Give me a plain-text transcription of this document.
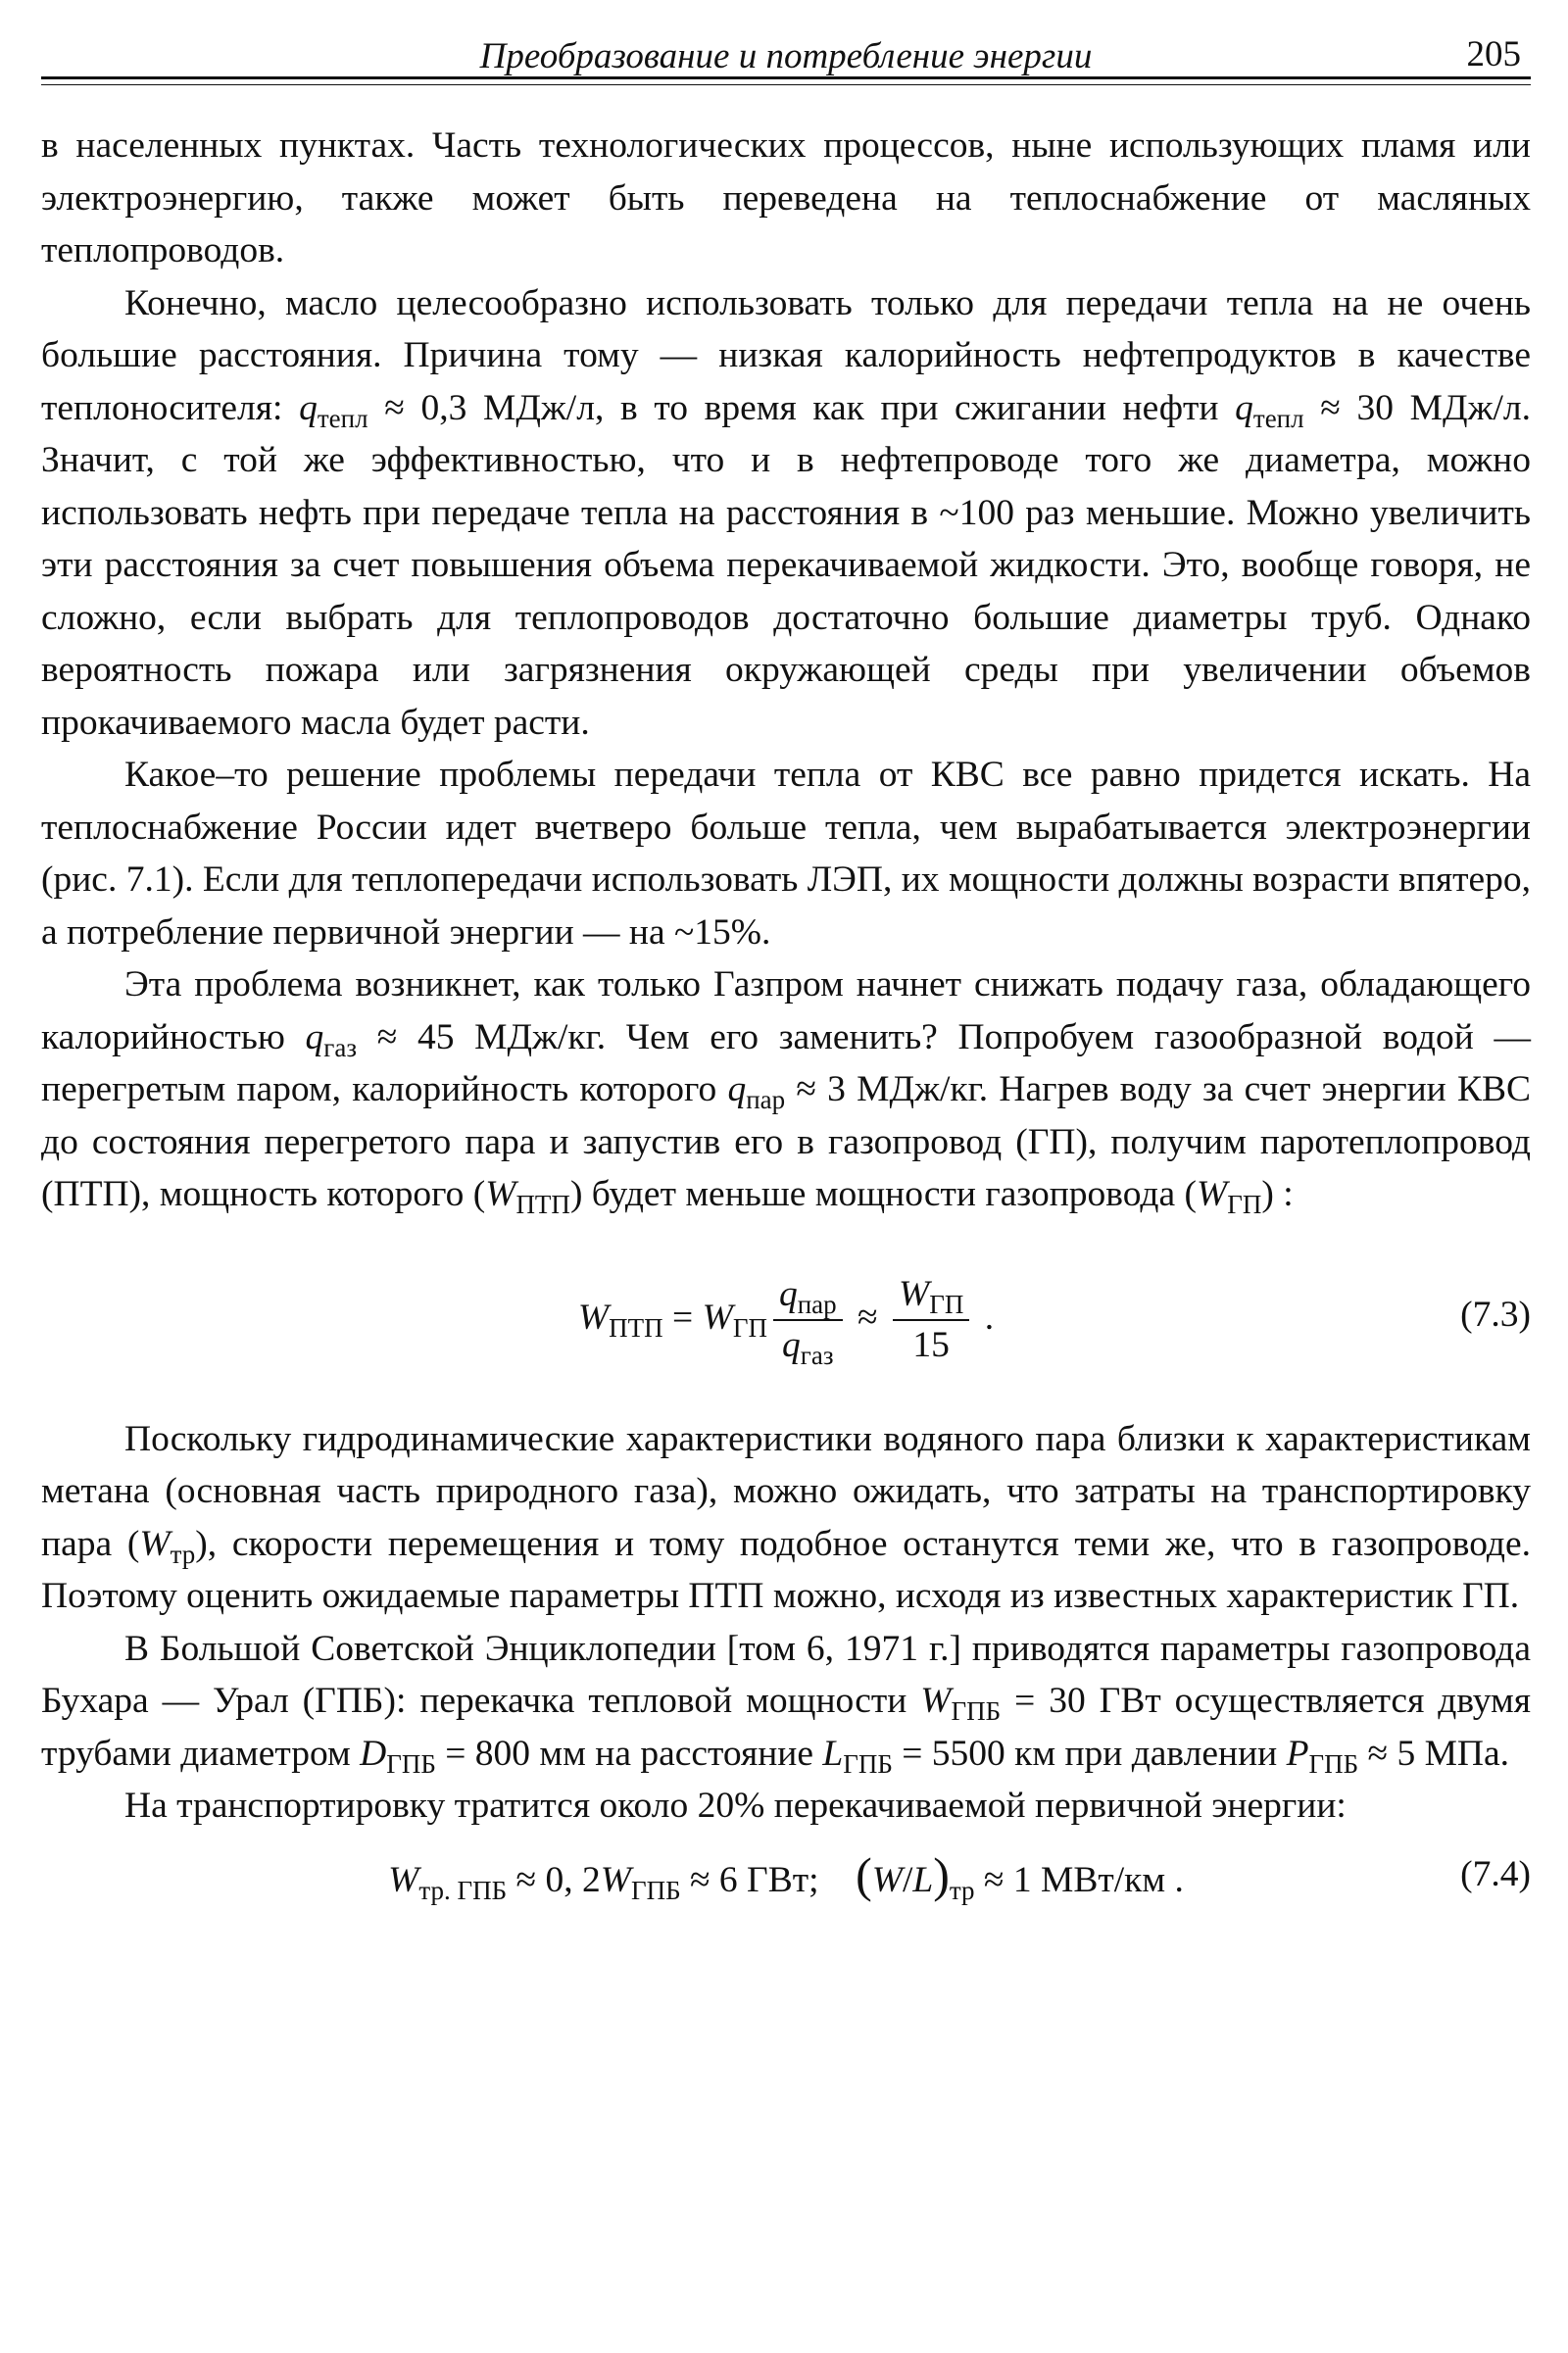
Преобразование и потребление энергии	205

в населенных пунктах. Часть технологических процессов, ныне использующих пламя или электроэнергию, также может быть переведена на теплоснабжение от масляных теплопроводов.

Конечно, масло целесообразно использовать только для передачи тепла на не очень большие расстояния. Причина тому — низкая калорийность нефтепродуктов в качестве теплоносителя: $q_{тепл} \approx 0,3$ МДж/л, в то время как при сжигании нефти $q_{тепл} \approx 30$ МДж/л. Значит, с той же эффективностью, что и в нефтепроводе того же диаметра, можно использовать нефть при передаче тепла на расстояния в ~100 раз меньшие. Можно увеличить эти расстояния за счет повышения объема перекачиваемой жидкости. Это, вообще говоря, не сложно, если выбрать для теплопроводов достаточно большие диаметры труб. Однако вероятность пожара или загрязнения окружающей среды при увеличении объемов прокачиваемого масла будет расти.

Какое–то решение проблемы передачи тепла от КВС все равно придется искать. На теплоснабжение России идет вчетверо больше тепла, чем вырабатывается электроэнергии (рис. 7.1). Если для теплопередачи использовать ЛЭП, их мощности должны возрасти впятеро, а потребление первичной энергии — на ~15%.

Эта проблема возникнет, как только Газпром начнет снижать подачу газа, обладающего калорийностью $q_{газ} \approx 45$ МДж/кг. Чем его заменить? Попробуем газообразной водой — перегретым паром, калорийность которого $q_{пар} \approx 3$ МДж/кг. Нагрев воду за счет энергии КВС до состояния перегретого пара и запустив его в газопровод (ГП), получим паротеплопровод (ПТП), мощность которого $(W_{ПТП})$ будет меньше мощности газопровода $(W_{ГП})$ :

$W_{ПТП} = W_{ГП} \frac{q_{пар}}{q_{газ}} \approx \frac{W_{ГП}}{15}$ .	(7.3)

Поскольку гидродинамические характеристики водяного пара близки к характеристикам метана (основная часть природного газа), можно ожидать, что затраты на транспортировку пара $(W_{тр})$, скорости перемещения и тому подобное останутся теми же, что в газопроводе. Поэтому оценить ожидаемые параметры ПТП можно, исходя из известных характеристик ГП.

В Большой Советской Энциклопедии [том 6, 1971 г.] приводятся параметры газопровода Бухара — Урал (ГПБ): перекачка тепловой мощности $W_{ГПБ} = 30$ ГВт осуществляется двумя трубами диаметром $D_{ГПБ} = 800$ мм на расстояние $L_{ГПБ} = 5500$ км при давлении $P_{ГПБ} \approx 5$ МПа.

На транспортировку тратится около 20% перекачиваемой первичной энергии:

$W_{тр. ГПБ} \approx 0$, $2W_{ГПБ} \approx 6$ ГВт; $(W/L)_{тр} \approx 1$ МВт/км .	(7.4)
